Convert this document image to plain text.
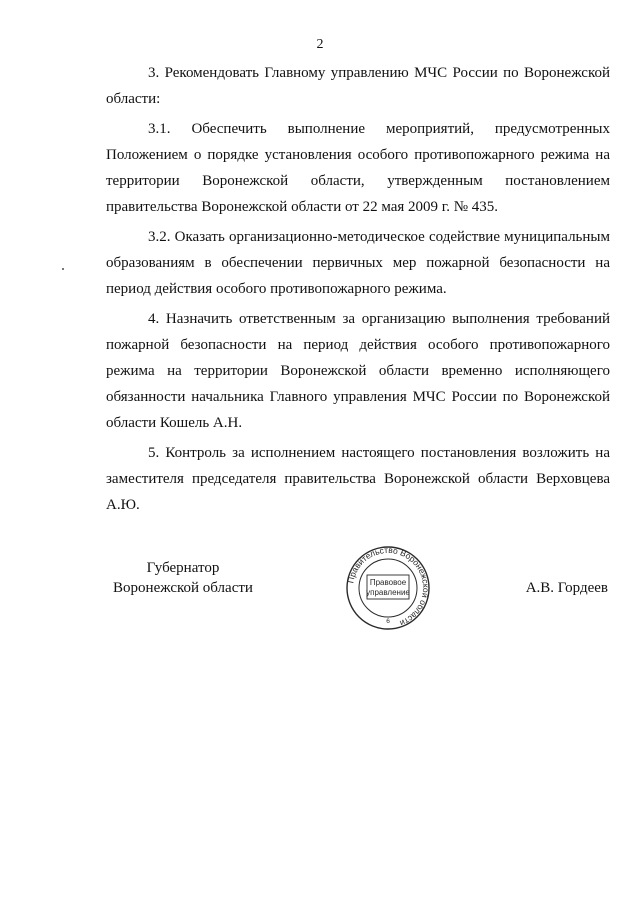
2

3. Рекомендовать Главному управлению МЧС России по Воронежской области:

3.1. Обеспечить выполнение мероприятий, предусмотренных Положением о порядке установления особого противопожарного режима на территории Воронежской области, утвержденным постановлением правительства Воронежской области от 22 мая 2009 г. № 435.

3.2. Оказать организационно-методическое содействие муниципальным образованиям в обеспечении первичных мер пожарной безопасности на период действия особого противопожарного режима.

4. Назначить ответственным за организацию выполнения требований пожарной безопасности на период действия особого противопожарного режима на территории Воронежской области временно исполняющего обязанности начальника Главного управления МЧС России по Воронежской области Кошель А.Н.

5. Контроль за исполнением настоящего постановления возложить на заместителя председателя правительства Воронежской области Верховцева А.Ю.

Губернатор
Воронежской области
Правительство Воронежской области
Правовое
управление
6
А.В. Гордеев
